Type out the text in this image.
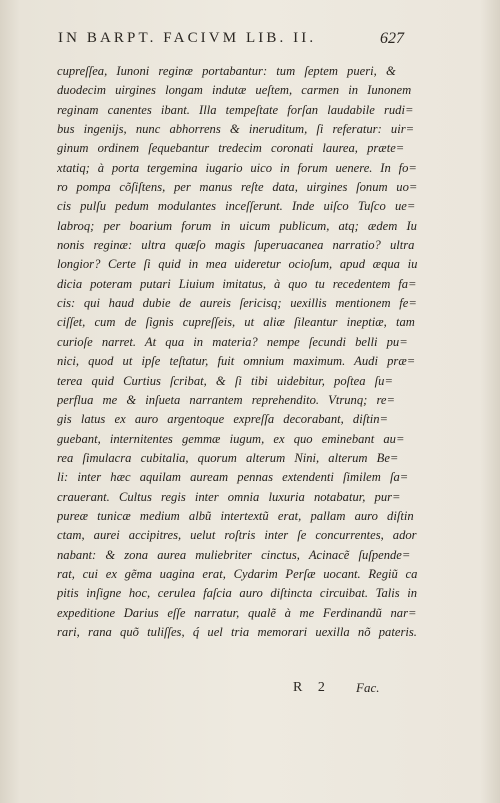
IN BARPT. FACIVM LIB. II.	627
cupreſſea, Iunoni reginæ portabantur: tum ſeptem pueri, &
duodecim uirgines longam indutæ ueſtem, carmen in Iunonem
reginam canentes ibant. Illa tempeſtate forſan laudabile rudi=
bus ingenijs, nunc abhorrens & ineruditum, ſi referatur: uir=
ginum ordinem ſequebantur tredecim coronati laurea, præte=
xtatiq; à porta tergemina iugario uico in forum uenere. In fo=
ro pompa cõſiſtens, per manus reſte data, uirgines ſonum uo=
cis pulſu pedum modulantes inceſſerunt. Inde uiſco Tuſco ue=
labroq; per boarium forum in uicum publicum, atq; ædem Iu
nonis reginæ: ultra quæſo magis ſuperuacanea narratio? ultra
longior? Certe ſi quid in mea uideretur ocioſum, apud æqua iu
dicia poteram putari Liuium imitatus, à quo tu recedentem fa=
cis: qui haud dubie de aureis ſericisq; uexillis mentionem fe=
ciſſet, cum de ſignis cupreſſeis, ut aliæ ſileantur ineptiæ, tam
curioſe narret. At qua in materia? nempe ſecundi belli pu=
nici, quod ut ipſe teſtatur, fuit omnium maximum. Audi præ=
terea quid Curtius ſcribat, & ſi tibi uidebitur, poſtea ſu=
perflua me & inſueta narrantem reprehendito. Vtrunq; re=
gis latus ex auro argentoque expreſſa decorabant, diſtin=
guebant, internitentes gemmæ iugum, ex quo eminebant au=
rea ſimulacra cubitalia, quorum alterum Nini, alterum Be=
li: inter hæc aquilam auream pennas extendenti ſimilem ſa=
crauerant. Cultus regis inter omnia luxuria notabatur, pur=
pureæ tunicæ medium albũ intertextũ erat, pallam auro diſtin
ctam, aurei accipitres, uelut roſtris inter ſe concurrentes, ador
nabant: & zona aurea muliebriter cinctus, Acinacẽ ſuſpende=
rat, cui ex gẽma uagina erat, Cydarim Perſæ uocant. Regiũ ca
pitis inſigne hoc, cerulea faſcia auro diſtincta circuibat. Talis in
expeditione Darius eſſe narratur, qualẽ à me Ferdinandũ nar=
rari, rana quõ tuliſſes, q́ uel tria memorari uexilla nõ pateris.
R 2 Fac.
